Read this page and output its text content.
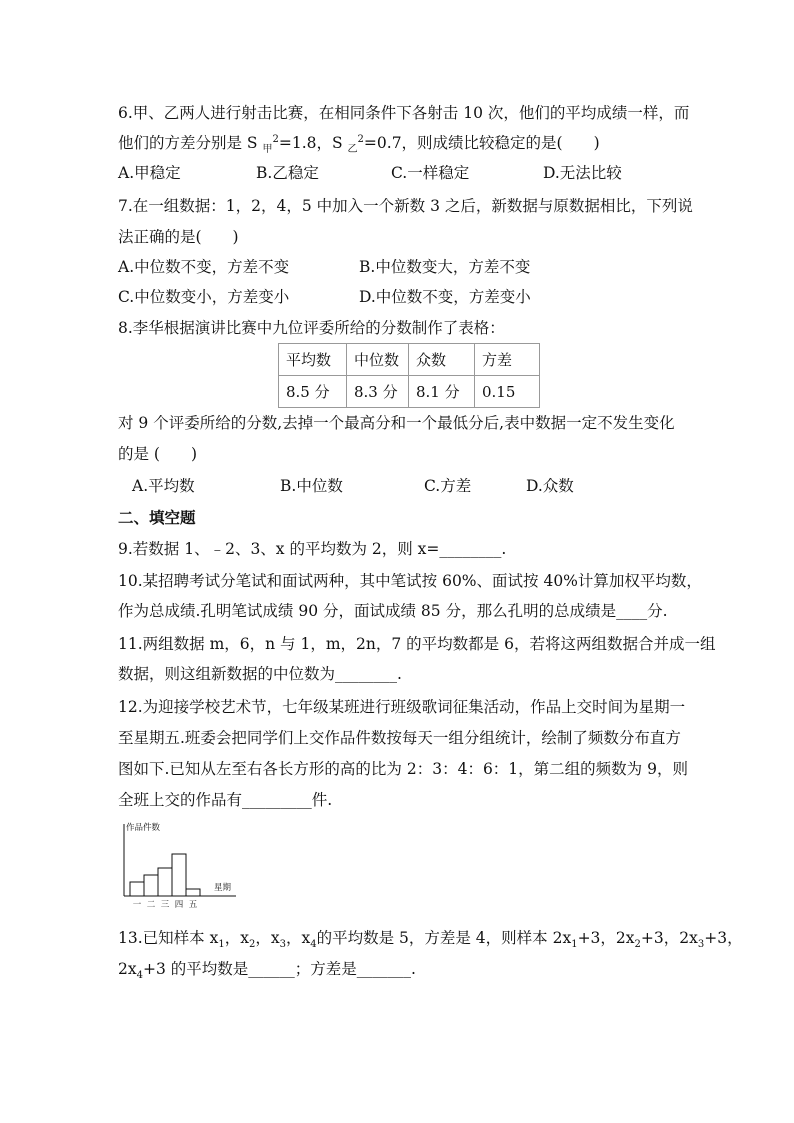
6.甲、乙两人进行射击比赛，在相同条件下各射击 10 次，他们的平均成绩一样，而
他们的方差分别是 S $_甲^2$=1.8，S $_乙^2$=0.7，则成绩比较稳定的是(　　)
A.甲稳定	B.乙稳定	C.一样稳定	D.无法比较
7.在一组数据：1，2，4，5 中加入一个新数 3 之后，新数据与原数据相比，下列说
法正确的是(　　)
A.中位数不变，方差不变	B.中位数变大，方差不变
C.中位数变小，方差变小	D.中位数不变，方差变小
8.李华根据演讲比赛中九位评委所给的分数制作了表格：
平均数	中位数	众数	方差
8.5 分	8.3 分	8.1 分	0.15
对 9 个评委所给的分数,去掉一个最高分和一个最低分后,表中数据一定不发生变化
的是 (　　)
A.平均数	B.中位数	C.方差	D.众数
二、填空题
9.若数据 1、﹣2、3、x 的平均数为 2，则 x=________.
10.某招聘考试分笔试和面试两种，其中笔试按 60%、面试按 40%计算加权平均数，
作为总成绩.孔明笔试成绩 90 分，面试成绩 85 分，那么孔明的总成绩是____分.
11.两组数据 m，6，n 与 1，m，2n，7 的平均数都是 6，若将这两组数据合并成一组
数据，则这组新数据的中位数为________.
12.为迎接学校艺术节，七年级某班进行班级歌词征集活动，作品上交时间为星期一
至星期五.班委会把同学们上交作品件数按每天一组分组统计，绘制了频数分布直方
图如下.已知从左至右各长方形的高的比为 2：3：4：6：1，第二组的频数为 9，则
全班上交的作品有_________件.
一 二 三 四 五
作品件数
星期
13.已知样本 $x_1$，$x_2$，$x_3$，$x_4$的平均数是 5，方差是 4，则样本 $2x_1+3$，$2x_2+3$，$2x_3+3$，
$2x_4+3$ 的平均数是______；方差是_______.
